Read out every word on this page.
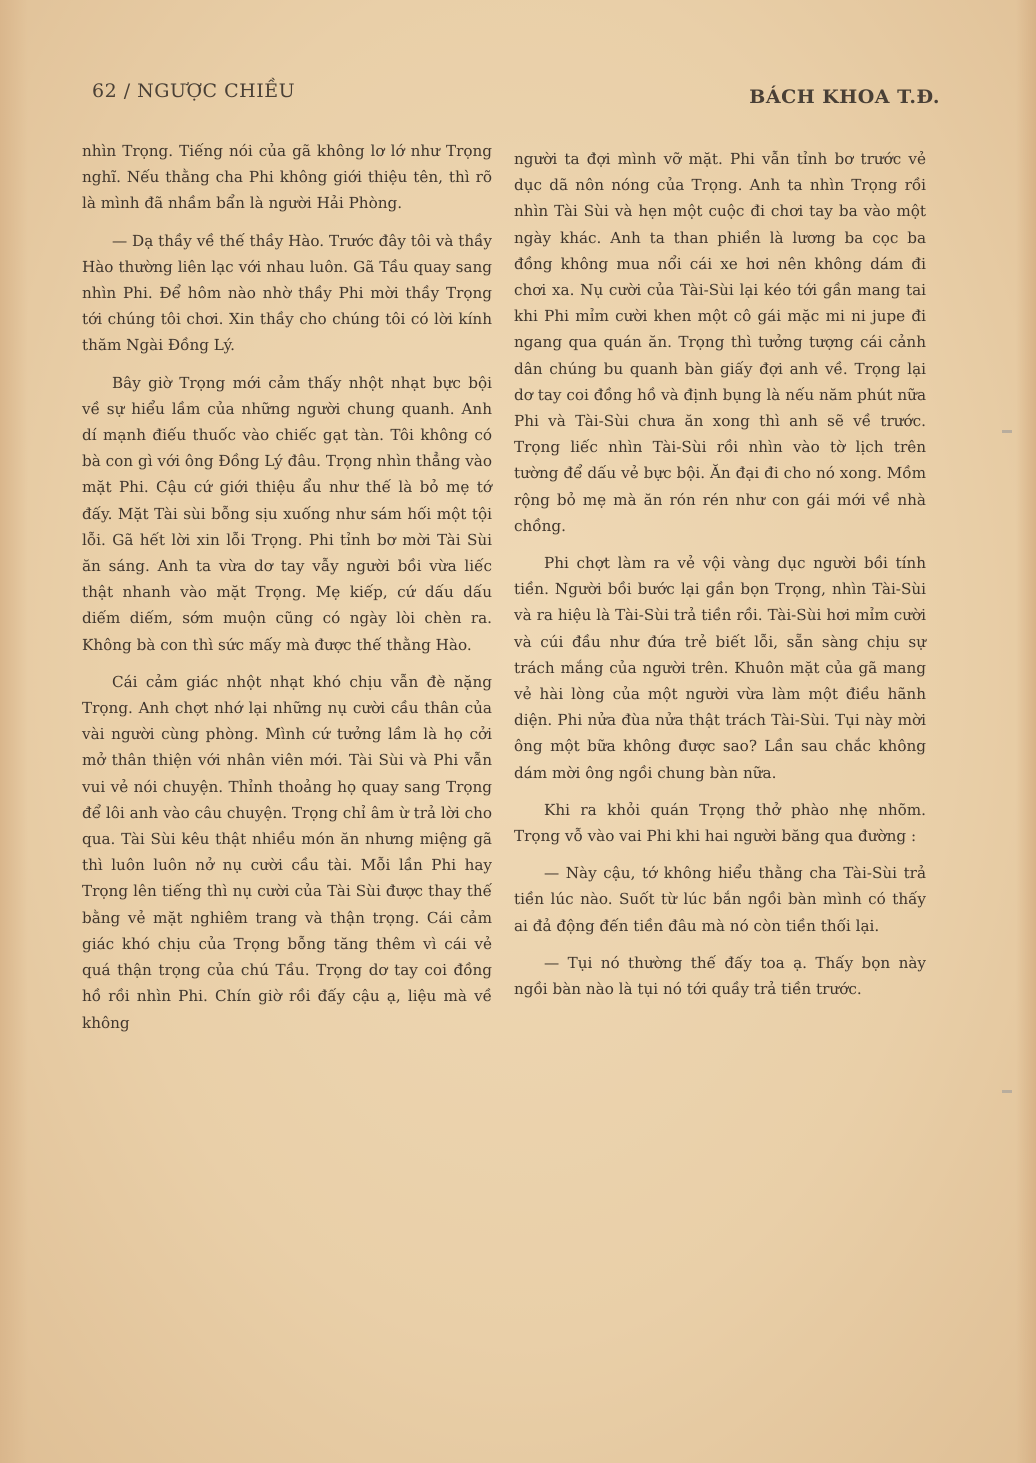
62 / NGƯỢC CHIỀU	BÁCH KHOA T.Đ.

nhìn Trọng. Tiếng nói của gã không lơ lớ như Trọng nghĩ. Nếu thằng cha Phi không giới thiệu tên, thì rõ là mình đã nhầm bẩn là người Hải Phòng.

— Dạ thầy về thế thầy Hào. Trước đây tôi và thầy Hào thường liên lạc với nhau luôn. Gã Tầu quay sang nhìn Phi. Để hôm nào nhờ thầy Phi mời thầy Trọng tới chúng tôi chơi. Xin thầy cho chúng tôi có lời kính thăm Ngài Đồng Lý.

Bây giờ Trọng mới cảm thấy nhột nhạt bực bội về sự hiểu lầm của những người chung quanh. Anh dí mạnh điếu thuốc vào chiếc gạt tàn. Tôi không có bà con gì với ông Đồng Lý đâu. Trọng nhìn thẳng vào mặt Phi. Cậu cứ giới thiệu ẩu như thế là bỏ mẹ tớ đấy. Mặt Tài sùi bỗng sịu xuống như sám hối một tội lỗi. Gã hết lời xin lỗi Trọng. Phi tỉnh bơ mời Tài Sùi ăn sáng. Anh ta vừa dơ tay vẫy người bồi vừa liếc thật nhanh vào mặt Trọng. Mẹ kiếp, cứ dấu dấu diếm diếm, sớm muộn cũng có ngày lòi chèn ra. Không bà con thì sức mấy mà được thế thằng Hào.

Cái cảm giác nhột nhạt khó chịu vẫn đè nặng Trọng. Anh chợt nhớ lại những nụ cười cầu thân của vài người cùng phòng. Mình cứ tưởng lầm là họ cởi mở thân thiện với nhân viên mới. Tài Sùi và Phi vẫn vui vẻ nói chuyện. Thỉnh thoảng họ quay sang Trọng để lôi anh vào câu chuyện. Trọng chỉ âm ừ trả lời cho qua. Tài Sùi kêu thật nhiều món ăn nhưng miệng gã thì luôn luôn nở nụ cười cầu tài. Mỗi lần Phi hay Trọng lên tiếng thì nụ cười của Tài Sùi được thay thế bằng vẻ mặt nghiêm trang và thận trọng. Cái cảm giác khó chịu của Trọng bỗng tăng thêm vì cái vẻ quá thận trọng của chú Tầu. Trọng dơ tay coi đồng hồ rồi nhìn Phi. Chín giờ rồi đấy cậu ạ, liệu mà về không

người ta đợi mình vỡ mặt. Phi vẫn tỉnh bơ trước vẻ dục dã nôn nóng của Trọng. Anh ta nhìn Trọng rồi nhìn Tài Sùi và hẹn một cuộc đi chơi tay ba vào một ngày khác. Anh ta than phiền là lương ba cọc ba đồng không mua nổi cái xe hơi nên không dám đi chơi xa. Nụ cười của Tài-Sùi lại kéo tới gần mang tai khi Phi mỉm cười khen một cô gái mặc mi ni jupe đi ngang qua quán ăn. Trọng thì tưởng tượng cái cảnh dân chúng bu quanh bàn giấy đợi anh về. Trọng lại dơ tay coi đồng hồ và định bụng là nếu năm phút nữa Phi và Tài-Sùi chưa ăn xong thì anh sẽ về trước. Trọng liếc nhìn Tài-Sùi rồi nhìn vào tờ lịch trên tường để dấu vẻ bực bội. Ăn đại đi cho nó xong. Mồm rộng bỏ mẹ mà ăn rón rén như con gái mới về nhà chồng.

Phi chợt làm ra vẻ vội vàng dục người bồi tính tiền. Người bồi bước lại gần bọn Trọng, nhìn Tài-Sùi và ra hiệu là Tài-Sùi trả tiền rồi. Tài-Sùi hơi mỉm cười và cúi đầu như đứa trẻ biết lỗi, sẵn sàng chịu sự trách mắng của người trên. Khuôn mặt của gã mang vẻ hài lòng của một người vừa làm một điều hãnh diện. Phi nửa đùa nửa thật trách Tài-Sùi. Tụi này mời ông một bữa không được sao? Lần sau chắc không dám mời ông ngồi chung bàn nữa.

Khi ra khỏi quán Trọng thở phào nhẹ nhõm. Trọng vỗ vào vai Phi khi hai người băng qua đường :

— Này cậu, tớ không hiểu thằng cha Tài-Sùi trả tiền lúc nào. Suốt từ lúc bắn ngồi bàn mình có thấy ai đả động đến tiền đâu mà nó còn tiền thối lại.

— Tụi nó thường thế đấy toa ạ. Thấy bọn này ngồi bàn nào là tụi nó tới quầy trả tiền trước.
